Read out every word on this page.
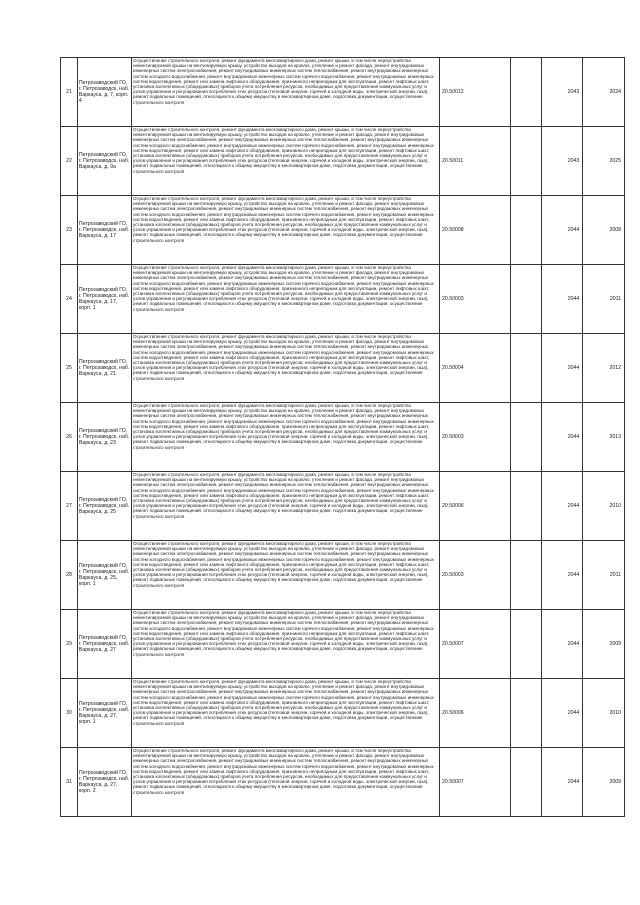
21	Петрозаводский ГО, г. Петрозаводск, наб. Варкауса, д. 7, корп. 4	Осуществление строительного контроля, ремонт фундамента многоквартирного дома, ремонт крыши, в том числе переустройство невентилируемой крыши на вентилируемую крышу, устройство выходов на кровлю, утепление и ремонт фасада, ремонт внутридомовых инженерных систем электроснабжения, ремонт внутридомовых инженерных систем теплоснабжения, ремонт внутридомовых инженерных систем холодного водоснабжения, ремонт внутридомовых инженерных систем горячего водоснабжения, ремонт внутридомовых инженерных систем водоотведения, ремонт или замена лифтового оборудования, признанного непригодным для эксплуатации, ремонт лифтовых шахт, установка коллективных (общедомовых) приборов учета потребления ресурсов, необходимых для предоставления коммунальных услуг и узлов управления и регулирования потребления этих ресурсов (тепловой энергии, горячей и холодной воды, электрической энергии, газа), ремонт подвальных помещений, относящихся к общему имуществу в многоквартирном доме, подготовка документации, осуществление строительного контроля	20.50012		2043	2024
22	Петрозаводский ГО, г. Петрозаводск, наб. Варкауса, д. 9а	Осуществление строительного контроля, ремонт фундамента многоквартирного дома, ремонт крыши, в том числе переустройство невентилируемой крыши на вентилируемую крышу, устройство выходов на кровлю, утепление и ремонт фасада, ремонт внутридомовых инженерных систем электроснабжения, ремонт внутридомовых инженерных систем теплоснабжения, ремонт внутридомовых инженерных систем холодного водоснабжения, ремонт внутридомовых инженерных систем горячего водоснабжения, ремонт внутридомовых инженерных систем водоотведения, ремонт или замена лифтового оборудования, признанного непригодным для эксплуатации, ремонт лифтовых шахт, установка коллективных (общедомовых) приборов учета потребления ресурсов, необходимых для предоставления коммунальных услуг и узлов управления и регулирования потребления этих ресурсов (тепловой энергии, горячей и холодной воды, электрической энергии, газа), ремонт подвальных помещений, относящихся к общему имуществу в многоквартирном доме, подготовка документации, осуществление строительного контроля	20.50011		2043	2025
23	Петрозаводский ГО, г. Петрозаводск, наб. Варкауса, д. 17	Осуществление строительного контроля, ремонт фундамента многоквартирного дома, ремонт крыши, в том числе переустройство невентилируемой крыши на вентилируемую крышу, устройство выходов на кровлю, утепление и ремонт фасада, ремонт внутридомовых инженерных систем электроснабжения, ремонт внутридомовых инженерных систем теплоснабжения, ремонт внутридомовых инженерных систем холодного водоснабжения, ремонт внутридомовых инженерных систем горячего водоснабжения, ремонт внутридомовых инженерных систем водоотведения, ремонт или замена лифтового оборудования, признанного непригодным для эксплуатации, ремонт лифтовых шахт, установка коллективных (общедомовых) приборов учета потребления ресурсов, необходимых для предоставления коммунальных услуг и узлов управления и регулирования потребления этих ресурсов (тепловой энергии, горячей и холодной воды, электрической энергии, газа), ремонт подвальных помещений, относящихся к общему имуществу в многоквартирном доме, подготовка документации, осуществление строительного контроля	20.50008		2044	2008
24	Петрозаводский ГО, г. Петрозаводск, наб. Варкауса, д. 17, корп. 1	Осуществление строительного контроля, ремонт фундамента многоквартирного дома, ремонт крыши, в том числе переустройство невентилируемой крыши на вентилируемую крышу, устройство выходов на кровлю, утепление и ремонт фасада, ремонт внутридомовых инженерных систем электроснабжения, ремонт внутридомовых инженерных систем теплоснабжения, ремонт внутридомовых инженерных систем холодного водоснабжения, ремонт внутридомовых инженерных систем горячего водоснабжения, ремонт внутридомовых инженерных систем водоотведения, ремонт или замена лифтового оборудования, признанного непригодным для эксплуатации, ремонт лифтовых шахт, установка коллективных (общедомовых) приборов учета потребления ресурсов, необходимых для предоставления коммунальных услуг и узлов управления и регулирования потребления этих ресурсов (тепловой энергии, горячей и холодной воды, электрической энергии, газа), ремонт подвальных помещений, относящихся к общему имуществу в многоквартирном доме, подготовка документации, осуществление строительного контроля	20.50003		2044	2011
25	Петрозаводский ГО, г. Петрозаводск, наб. Варкауса, д. 21	Осуществление строительного контроля, ремонт фундамента многоквартирного дома, ремонт крыши, в том числе переустройство невентилируемой крыши на вентилируемую крышу, устройство выходов на кровлю, утепление и ремонт фасада, ремонт внутридомовых инженерных систем электроснабжения, ремонт внутридомовых инженерных систем теплоснабжения, ремонт внутридомовых инженерных систем холодного водоснабжения, ремонт внутридомовых инженерных систем горячего водоснабжения, ремонт внутридомовых инженерных систем водоотведения, ремонт или замена лифтового оборудования, признанного непригодным для эксплуатации, ремонт лифтовых шахт, установка коллективных (общедомовых) приборов учета потребления ресурсов, необходимых для предоставления коммунальных услуг и узлов управления и регулирования потребления этих ресурсов (тепловой энергии, горячей и холодной воды, электрической энергии, газа), ремонт подвальных помещений, относящихся к общему имуществу в многоквартирном доме, подготовка документации, осуществление строительного контроля	20.50004		2044	2012
26	Петрозаводский ГО, г. Петрозаводск, наб. Варкауса, д. 23	Осуществление строительного контроля, ремонт фундамента многоквартирного дома, ремонт крыши, в том числе переустройство невентилируемой крыши на вентилируемую крышу, устройство выходов на кровлю, утепление и ремонт фасада, ремонт внутридомовых инженерных систем электроснабжения, ремонт внутридомовых инженерных систем теплоснабжения, ремонт внутридомовых инженерных систем холодного водоснабжения, ремонт внутридомовых инженерных систем горячего водоснабжения, ремонт внутридомовых инженерных систем водоотведения, ремонт или замена лифтового оборудования, признанного непригодным для эксплуатации, ремонт лифтовых шахт, установка коллективных (общедомовых) приборов учета потребления ресурсов, необходимых для предоставления коммунальных услуг и узлов управления и регулирования потребления этих ресурсов (тепловой энергии, горячей и холодной воды, электрической энергии, газа), ремонт подвальных помещений, относящихся к общему имуществу в многоквартирном доме, подготовка документации, осуществление строительного контроля	20.50003		2044	2013
27	Петрозаводский ГО, г. Петрозаводск, наб. Варкауса, д. 25	Осуществление строительного контроля, ремонт фундамента многоквартирного дома, ремонт крыши, в том числе переустройство невентилируемой крыши на вентилируемую крышу, устройство выходов на кровлю, утепление и ремонт фасада, ремонт внутридомовых инженерных систем электроснабжения, ремонт внутридомовых инженерных систем теплоснабжения, ремонт внутридомовых инженерных систем холодного водоснабжения, ремонт внутридомовых инженерных систем горячего водоснабжения, ремонт внутридомовых инженерных систем водоотведения, ремонт или замена лифтового оборудования, признанного непригодным для эксплуатации, ремонт лифтовых шахт, установка коллективных (общедомовых) приборов учета потребления ресурсов, необходимых для предоставления коммунальных услуг и узлов управления и регулирования потребления этих ресурсов (тепловой энергии, горячей и холодной воды, электрической энергии, газа), ремонт подвальных помещений, относящихся к общему имуществу в многоквартирном доме, подготовка документации, осуществление строительного контроля	20.50006		2044	2010
28	Петрозаводский ГО, г. Петрозаводск, наб. Варкауса, д. 25, корп. 1	Осуществление строительного контроля, ремонт фундамента многоквартирного дома, ремонт крыши, в том числе переустройство невентилируемой крыши на вентилируемую крышу, устройство выходов на кровлю, утепление и ремонт фасада, ремонт внутридомовых инженерных систем электроснабжения, ремонт внутридомовых инженерных систем теплоснабжения, ремонт внутридомовых инженерных систем холодного водоснабжения, ремонт внутридомовых инженерных систем горячего водоснабжения, ремонт внутридомовых инженерных систем водоотведения, ремонт или замена лифтового оборудования, признанного непригодным для эксплуатации, ремонт лифтовых шахт, установка коллективных (общедомовых) приборов учета потребления ресурсов, необходимых для предоставления коммунальных услуг и узлов управления и регулирования потребления этих ресурсов (тепловой энергии, горячей и холодной воды, электрической энергии, газа), ремонт подвальных помещений, относящихся к общему имуществу в многоквартирном доме, подготовка документации, осуществление строительного контроля	20.50003		2044	2011
29	Петрозаводский ГО, г. Петрозаводск, наб. Варкауса, д. 27	Осуществление строительного контроля, ремонт фундамента многоквартирного дома, ремонт крыши, в том числе переустройство невентилируемой крыши на вентилируемую крышу, устройство выходов на кровлю, утепление и ремонт фасада, ремонт внутридомовых инженерных систем электроснабжения, ремонт внутридомовых инженерных систем теплоснабжения, ремонт внутридомовых инженерных систем холодного водоснабжения, ремонт внутридомовых инженерных систем горячего водоснабжения, ремонт внутридомовых инженерных систем водоотведения, ремонт или замена лифтового оборудования, признанного непригодным для эксплуатации, ремонт лифтовых шахт, установка коллективных (общедомовых) приборов учета потребления ресурсов, необходимых для предоставления коммунальных услуг и узлов управления и регулирования потребления этих ресурсов (тепловой энергии, горячей и холодной воды, электрической энергии, газа), ремонт подвальных помещений, относящихся к общему имуществу в многоквартирном доме, подготовка документации, осуществление строительного контроля	20.50007		2044	2009
30	Петрозаводский ГО, г. Петрозаводск, наб. Варкауса, д. 27, корп. 1	Осуществление строительного контроля, ремонт фундамента многоквартирного дома, ремонт крыши, в том числе переустройство невентилируемой крыши на вентилируемую крышу, устройство выходов на кровлю, утепление и ремонт фасада, ремонт внутридомовых инженерных систем электроснабжения, ремонт внутридомовых инженерных систем теплоснабжения, ремонт внутридомовых инженерных систем холодного водоснабжения, ремонт внутридомовых инженерных систем горячего водоснабжения, ремонт внутридомовых инженерных систем водоотведения, ремонт или замена лифтового оборудования, признанного непригодным для эксплуатации, ремонт лифтовых шахт, установка коллективных (общедомовых) приборов учета потребления ресурсов, необходимых для предоставления коммунальных услуг и узлов управления и регулирования потребления этих ресурсов (тепловой энергии, горячей и холодной воды, электрической энергии, газа), ремонт подвальных помещений, относящихся к общему имуществу в многоквартирном доме, подготовка документации, осуществление строительного контроля	20.50006		2044	2010
31	Петрозаводский ГО, г. Петрозаводск, наб. Варкауса, д. 27, корп. 2	Осуществление строительного контроля, ремонт фундамента многоквартирного дома, ремонт крыши, в том числе переустройство невентилируемой крыши на вентилируемую крышу, устройство выходов на кровлю, утепление и ремонт фасада, ремонт внутридомовых инженерных систем электроснабжения, ремонт внутридомовых инженерных систем теплоснабжения, ремонт внутридомовых инженерных систем холодного водоснабжения, ремонт внутридомовых инженерных систем горячего водоснабжения, ремонт внутридомовых инженерных систем водоотведения, ремонт или замена лифтового оборудования, признанного непригодным для эксплуатации, ремонт лифтовых шахт, установка коллективных (общедомовых) приборов учета потребления ресурсов, необходимых для предоставления коммунальных услуг и узлов управления и регулирования потребления этих ресурсов (тепловой энергии, горячей и холодной воды, электрической энергии, газа), ремонт подвальных помещений, относящихся к общему имуществу в многоквартирном доме, подготовка документации, осуществление строительного контроля	20.50007		2044	2009
